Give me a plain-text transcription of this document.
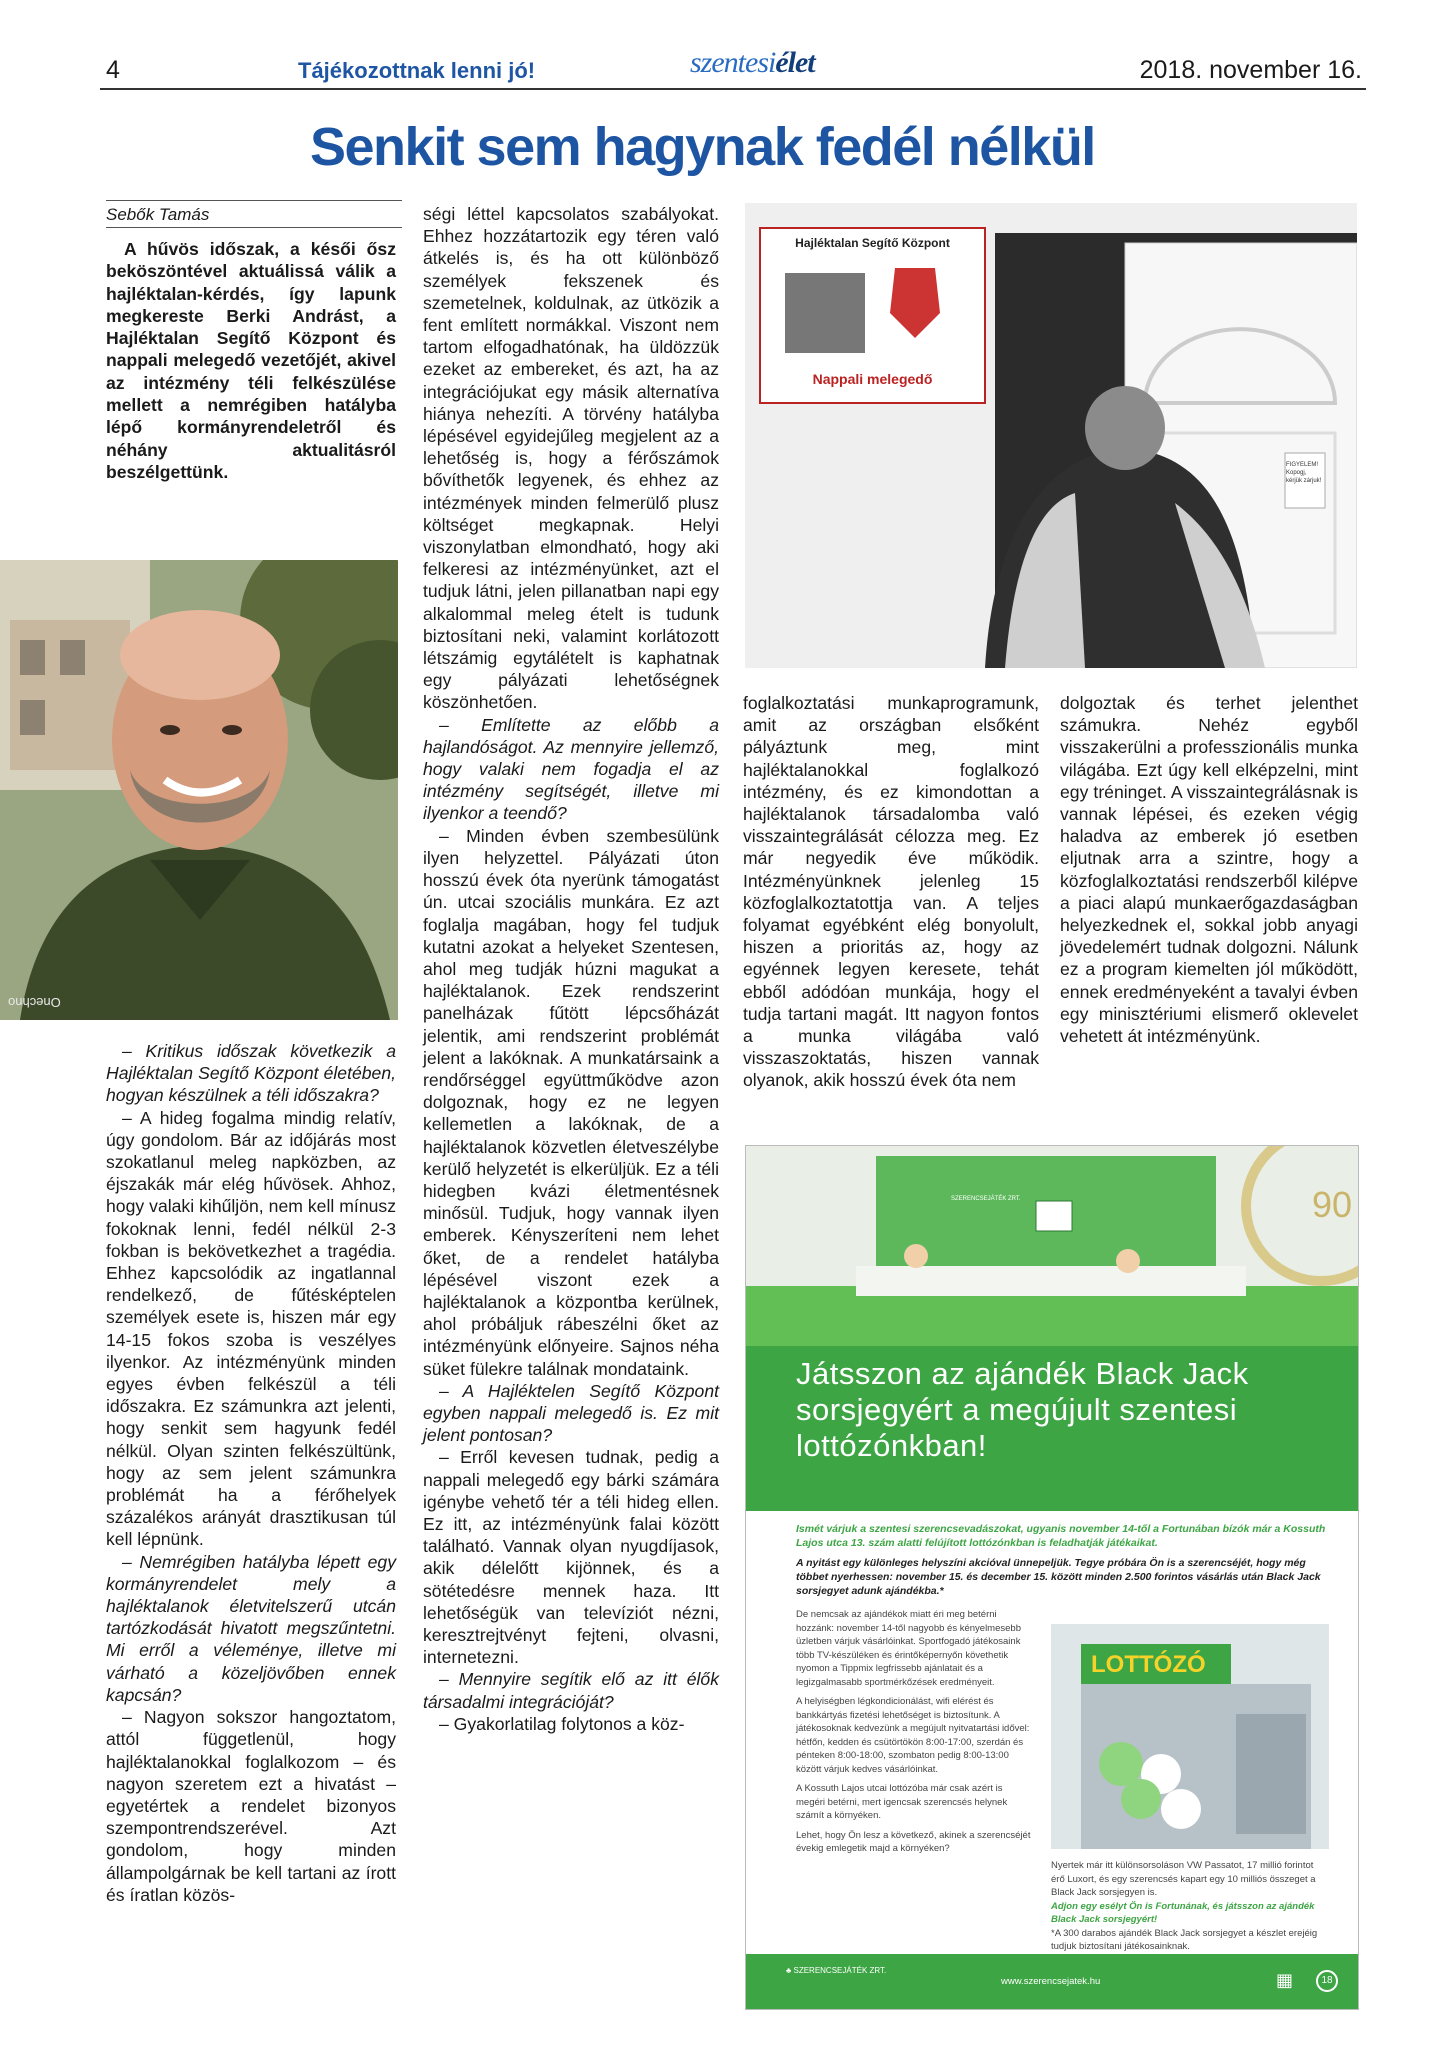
4	Tájékozottnak lenni jó!	szentesiélet	2018. november 16.
Senkit sem hagynak fedél nélkül
Sebők Tamás
A hűvös időszak, a késői ősz beköszöntével aktuálissá válik a hajléktalan-kérdés, így lapunk megkereste Berki Andrást, a Hajléktalan Segítő Központ és nappali melegedő vezetőjét, akivel az intézmény téli felkészülése mellett a nemrégiben hatályba lépő kormányrendeletről és néhány aktualitásról beszélgettünk.
Onechno

– Kritikus időszak következik a Hajléktalan Segítő Központ életében, hogyan készülnek a téli időszakra?

– A hideg fogalma mindig relatív, úgy gondolom. Bár az időjárás most szokatlanul meleg napközben, az éjszakák már elég hűvösek. Ahhoz, hogy valaki kihűljön, nem kell mínusz fokoknak lenni, fedél nélkül 2-3 fokban is bekövetkezhet a tragédia. Ehhez kapcsolódik az ingatlannal rendelkező, de fűtésképtelen személyek esete is, hiszen már egy 14-15 fokos szoba is veszélyes ilyenkor. Az intézményünk minden egyes évben felkészül a téli időszakra. Ez számunkra azt jelenti, hogy senkit sem hagyunk fedél nélkül. Olyan szinten felkészültünk, hogy az sem jelent számunkra problémát ha a férőhelyek százalékos arányát drasztikusan túl kell lépnünk.

– Nemrégiben hatályba lépett egy kormányrendelet mely a hajléktalanok életvitelszerű utcán tartózkodását hivatott megszűntetni. Mi erről a véleménye, illetve mi várható a közeljövőben ennek kapcsán?

– Nagyon sokszor hangoztatom, attól függetlenül, hogy hajléktalanokkal foglalkozom – és nagyon szeretem ezt a hivatást – egyetértek a rendelet bizonyos szempontrendszerével. Azt gondolom, hogy minden állampolgárnak be kell tartani az írott és íratlan közös-

ségi léttel kapcsolatos szabályokat. Ehhez hozzátartozik egy téren való átkelés is, és ha ott különböző személyek fekszenek és szemetelnek, koldulnak, az ütközik a fent említett normákkal. Viszont nem tartom elfogadhatónak, ha üldözzük ezeket az embereket, és azt, ha az integrációjukat egy másik alternatíva hiánya nehezíti. A törvény hatályba lépésével egyidejűleg megjelent az a lehetőség is, hogy a férőszámok bővíthetők legyenek, és ehhez az intézmények minden felmerülő plusz költséget megkapnak. Helyi viszonylatban elmondható, hogy aki felkeresi az intézményünket, azt el tudjuk látni, jelen pillanatban napi egy alkalommal meleg ételt is tudunk biztosítani neki, valamint korlátozott létszámig egytálételt is kaphatnak egy pályázati lehetőségnek köszönhetően.

– Említette az előbb a hajlandóságot. Az mennyire jellemző, hogy valaki nem fogadja el az intézmény segítségét, illetve mi ilyenkor a teendő?

– Minden évben szembesülünk ilyen helyzettel. Pályázati úton hosszú évek óta nyerünk támogatást ún. utcai szociális munkára. Ez azt foglalja magában, hogy fel tudjuk kutatni azokat a helyeket Szentesen, ahol meg tudják húzni magukat a hajléktalanok. Ezek rendszerint panelházak fűtött lépcsőházát jelentik, ami rendszerint problémát jelent a lakóknak. A munkatársaink a rendőrséggel együttműködve azon dolgoznak, hogy ez ne legyen kellemetlen a lakóknak, de a hajléktalanok közvetlen életveszélybe kerülő helyzetét is elkerüljük. Ez a téli hidegben kvázi életmentésnek minősül. Tudjuk, hogy vannak ilyen emberek. Kényszeríteni nem lehet őket, de a rendelet hatályba lépésével viszont ezek a hajléktalanok a központba kerülnek, ahol próbáljuk rábeszélni őket az intézményünk előnyeire. Sajnos néha süket fülekre találnak mondataink.

– A Hajléktelen Segítő Központ egyben nappali melegedő is. Ez mit jelent pontosan?

– Erről kevesen tudnak, pedig a nappali melegedő egy bárki számára igénybe vehető tér a téli hideg ellen. Ez itt, az intézményünk falai között található. Vannak olyan nyugdíjasok, akik délelőtt kijönnek, és a sötétedésre mennek haza. Itt lehetőségük van televíziót nézni, keresztrejtvényt fejteni, olvasni, internetezni.

– Mennyire segítik elő az itt élők társadalmi integrációját?

– Gyakorlatilag folytonos a köz-

Hajléktalan Segítő Központ
Nappali melegedő
FIGYELEM! Kopogj, kérjük zárjuk!

foglalkoztatási munkaprogramunk, amit az országban elsőként pályáztunk meg, mint hajléktalanokkal foglalkozó intézmény, és ez kimondottan a hajléktalanok társadalomba való visszaintegrálását célozza meg. Ez már negyedik éve működik. Intézményünknek jelenleg 15 közfoglalkoztatottja van. A teljes folyamat egyébként elég bonyolult, hiszen a prioritás az, hogy az egyénnek legyen keresete, tehát ebből adódóan munkája, hogy el tudja tartani magát. Itt nagyon fontos a munka világába való visszaszoktatás, hiszen vannak olyanok, akik hosszú évek óta nem

dolgoztak és terhet jelenthet számukra. Nehéz egyből visszakerülni a professzionális munka világába. Ezt úgy kell elképzelni, mint egy tréninget. A visszaintegrálásnak is vannak lépései, és ezeken végig haladva az emberek jó esetben eljutnak arra a szintre, hogy a közfoglalkoztatási rendszerből kilépve a piaci alapú munkaerőgazdaságban helyezkednek el, sokkal jobb anyagi jövedelemért tudnak dolgozni. Nálunk ez a program kiemelten jól működött, ennek eredményeként a tavalyi évben egy minisztériumi elismerő oklevelet vehetett át intézményünk.

SZERENCSEJÁTÉK ZRT.	90
Játsszon az ajándék Black Jack sorsjegyért a megújult szentesi lottózónkban!
Ismét várjuk a szentesi szerencsevadászokat, ugyanis november 14-től a Fortunában bízók már a Kossuth Lajos utca 13. szám alatti felújított lottózónkban is feladhatják játékaikat.
A nyitást egy különleges helyszíni akcióval ünnepeljük. Tegye próbára Ön is a szerencséjét, hogy még többet nyerhessen: november 15. és december 15. között minden 2.500 forintos vásárlás után Black Jack sorsjegyet adunk ajándékba.*

De nemcsak az ajándékok miatt éri meg betérni hozzánk: november 14-től nagyobb és kényelmesebb üzletben várjuk vásárlóinkat. Sportfogadó játékosaink több TV-készüléken és érintőképernyőn követhetik nyomon a Tippmix legfrissebb ajánlatait és a legizgalmasabb sportmérkőzések eredményeit.

A helyiségben légkondicionálást, wifi elérést és bankkártyás fizetési lehetőséget is biztosítunk. A játékosoknak kedvezünk a megújult nyitvatartási idővel: hétfőn, kedden és csütörtökön 8:00-17:00, szerdán és pénteken 8:00-18:00, szombaton pedig 8:00-13:00 között várjuk kedves vásárlóinkat.

A Kossuth Lajos utcai lottózóba már csak azért is megéri betérni, mert igencsak szerencsés helynek számít a környéken.

Lehet, hogy Ön lesz a következő, akinek a szerencséjét évekig emlegetik majd a környéken?

LOTTÓZÓ

Nyertek már itt különsorsoláson VW Passatot, 17 millió forintot érő Luxort, és egy szerencsés kapart egy 10 milliós összeget a Black Jack sorsjegyen is.

Adjon egy esélyt Ön is Fortunának, és játsszon az ajándék Black Jack sorsjegyért!

*A 300 darabos ajándék Black Jack sorsjegyet a készlet erejéig tudjuk biztosítani játékosainknak.

♣ SZERENCSEJÁTÉK ZRT.
www.szerencsejatek.hu	▦	18
